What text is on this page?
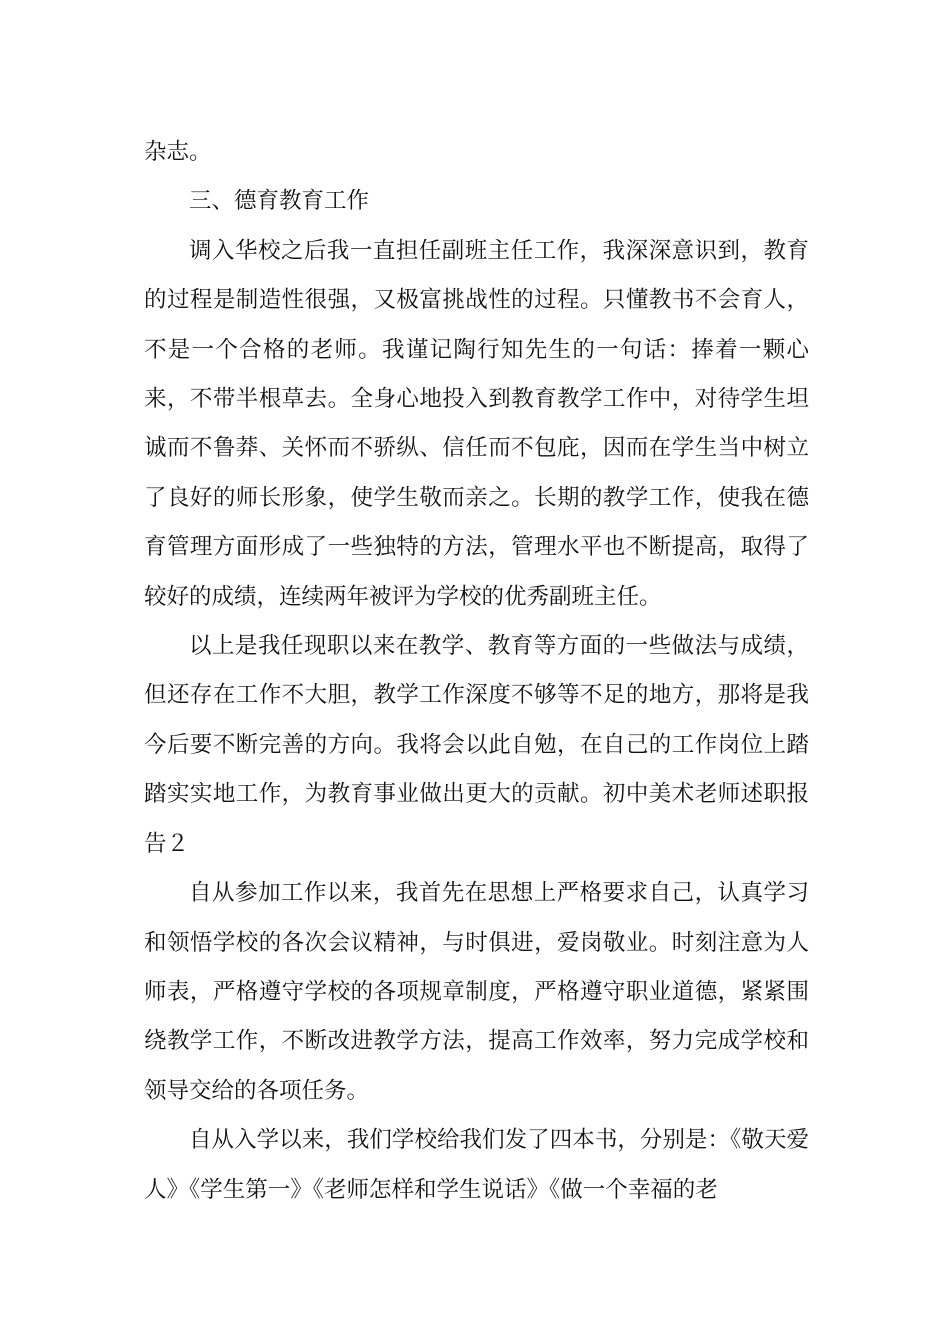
杂志。

三、德育教育工作

调入华校之后我一直担任副班主任工作，我深深意识到，教育的过程是制造性很强，又极富挑战性的过程。只懂教书不会育人，不是一个合格的老师。我谨记陶行知先生的一句话：捧着一颗心来，不带半根草去。全身心地投入到教育教学工作中，对待学生坦诚而不鲁莽、关怀而不骄纵、信任而不包庇，因而在学生当中树立了良好的师长形象，使学生敬而亲之。长期的教学工作，使我在德育管理方面形成了一些独特的方法，管理水平也不断提高，取得了较好的成绩，连续两年被评为学校的优秀副班主任。

以上是我任现职以来在教学、教育等方面的一些做法与成绩，但还存在工作不大胆，教学工作深度不够等不足的地方，那将是我今后要不断完善的方向。我将会以此自勉，在自己的工作岗位上踏踏实实地工作，为教育事业做出更大的贡献。初中美术老师述职报告２

自从参加工作以来，我首先在思想上严格要求自己，认真学习和领悟学校的各次会议精神，与时俱进，爱岗敬业。时刻注意为人师表，严格遵守学校的各项规章制度，严格遵守职业道德，紧紧围绕教学工作，不断改进教学方法，提高工作效率，努力完成学校和领导交给的各项任务。

自从入学以来，我们学校给我们发了四本书，分别是：《敬天爱人》《学生第一》《老师怎样和学生说话》《做一个幸福的老
